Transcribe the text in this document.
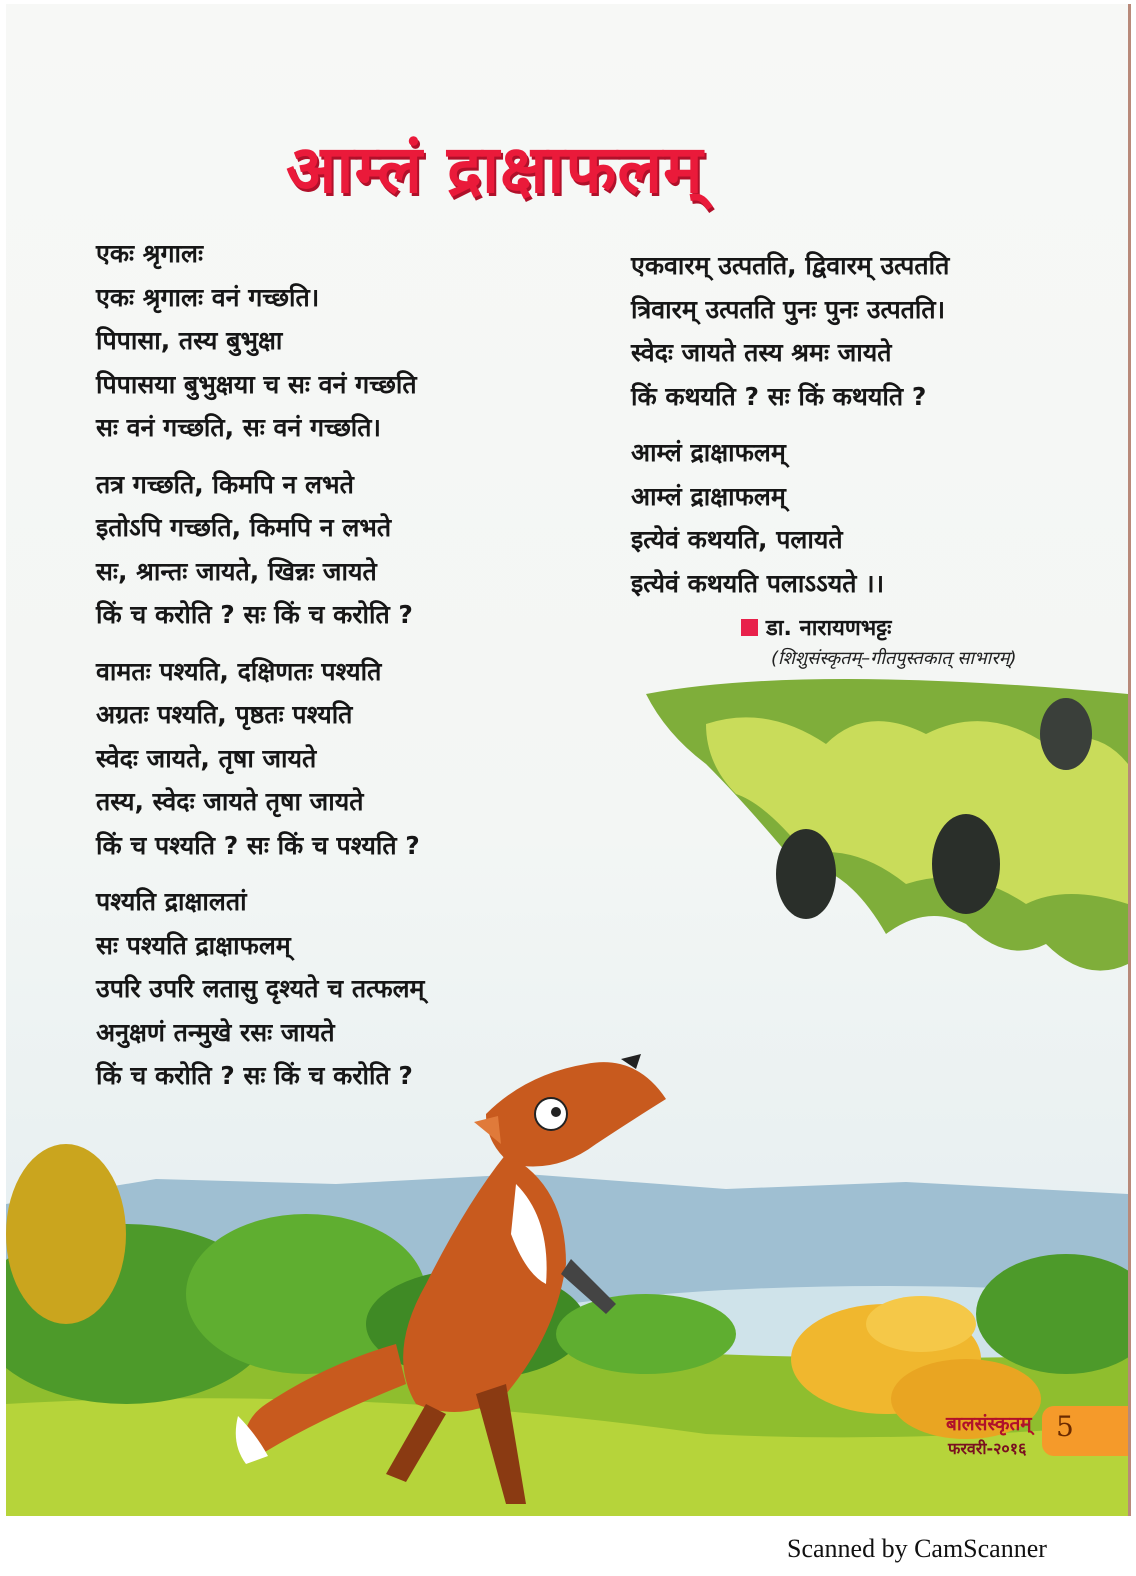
आम्लं द्राक्षाफलम्
एकः श्रृगालः
एकः श्रृगालः वनं गच्छति।
पिपासा, तस्य बुभुक्षा
पिपासया बुभुक्षया च सः वनं गच्छति
सः वनं गच्छति, सः वनं गच्छति।
तत्र गच्छति, किमपि न लभते
इतोऽपि गच्छति, किमपि न लभते
सः, श्रान्तः जायते, खिन्नः जायते
किं च करोति ? सः किं च करोति ?
वामतः पश्यति, दक्षिणतः पश्यति
अग्रतः पश्यति, पृष्ठतः पश्यति
स्वेदः जायते, तृषा जायते
तस्य, स्वेदः जायते तृषा जायते
किं च पश्यति ? सः किं च पश्यति ?
पश्यति द्राक्षालतां
सः पश्यति द्राक्षाफलम्
उपरि उपरि लतासु दृश्यते च तत्फलम्
अनुक्षणं तन्मुखे रसः जायते
किं च करोति ? सः किं च करोति ?
एकवारम् उत्पतति, द्विवारम् उत्पतति
त्रिवारम् उत्पतति पुनः पुनः उत्पतति।
स्वेदः जायते तस्य श्रमः जायते
किं कथयति ? सः किं कथयति ?
आम्लं द्राक्षाफलम्
आम्लं द्राक्षाफलम्
इत्येवं कथयति, पलायते
इत्येवं कथयति पलाऽऽयते ।।
डा. नारायणभट्टः
(शिशुसंस्कृतम्–गीतपुस्तकात् साभारम्)
5
बालसंस्कृतम्
फरवरी-२०१६
Scanned by CamScanner
